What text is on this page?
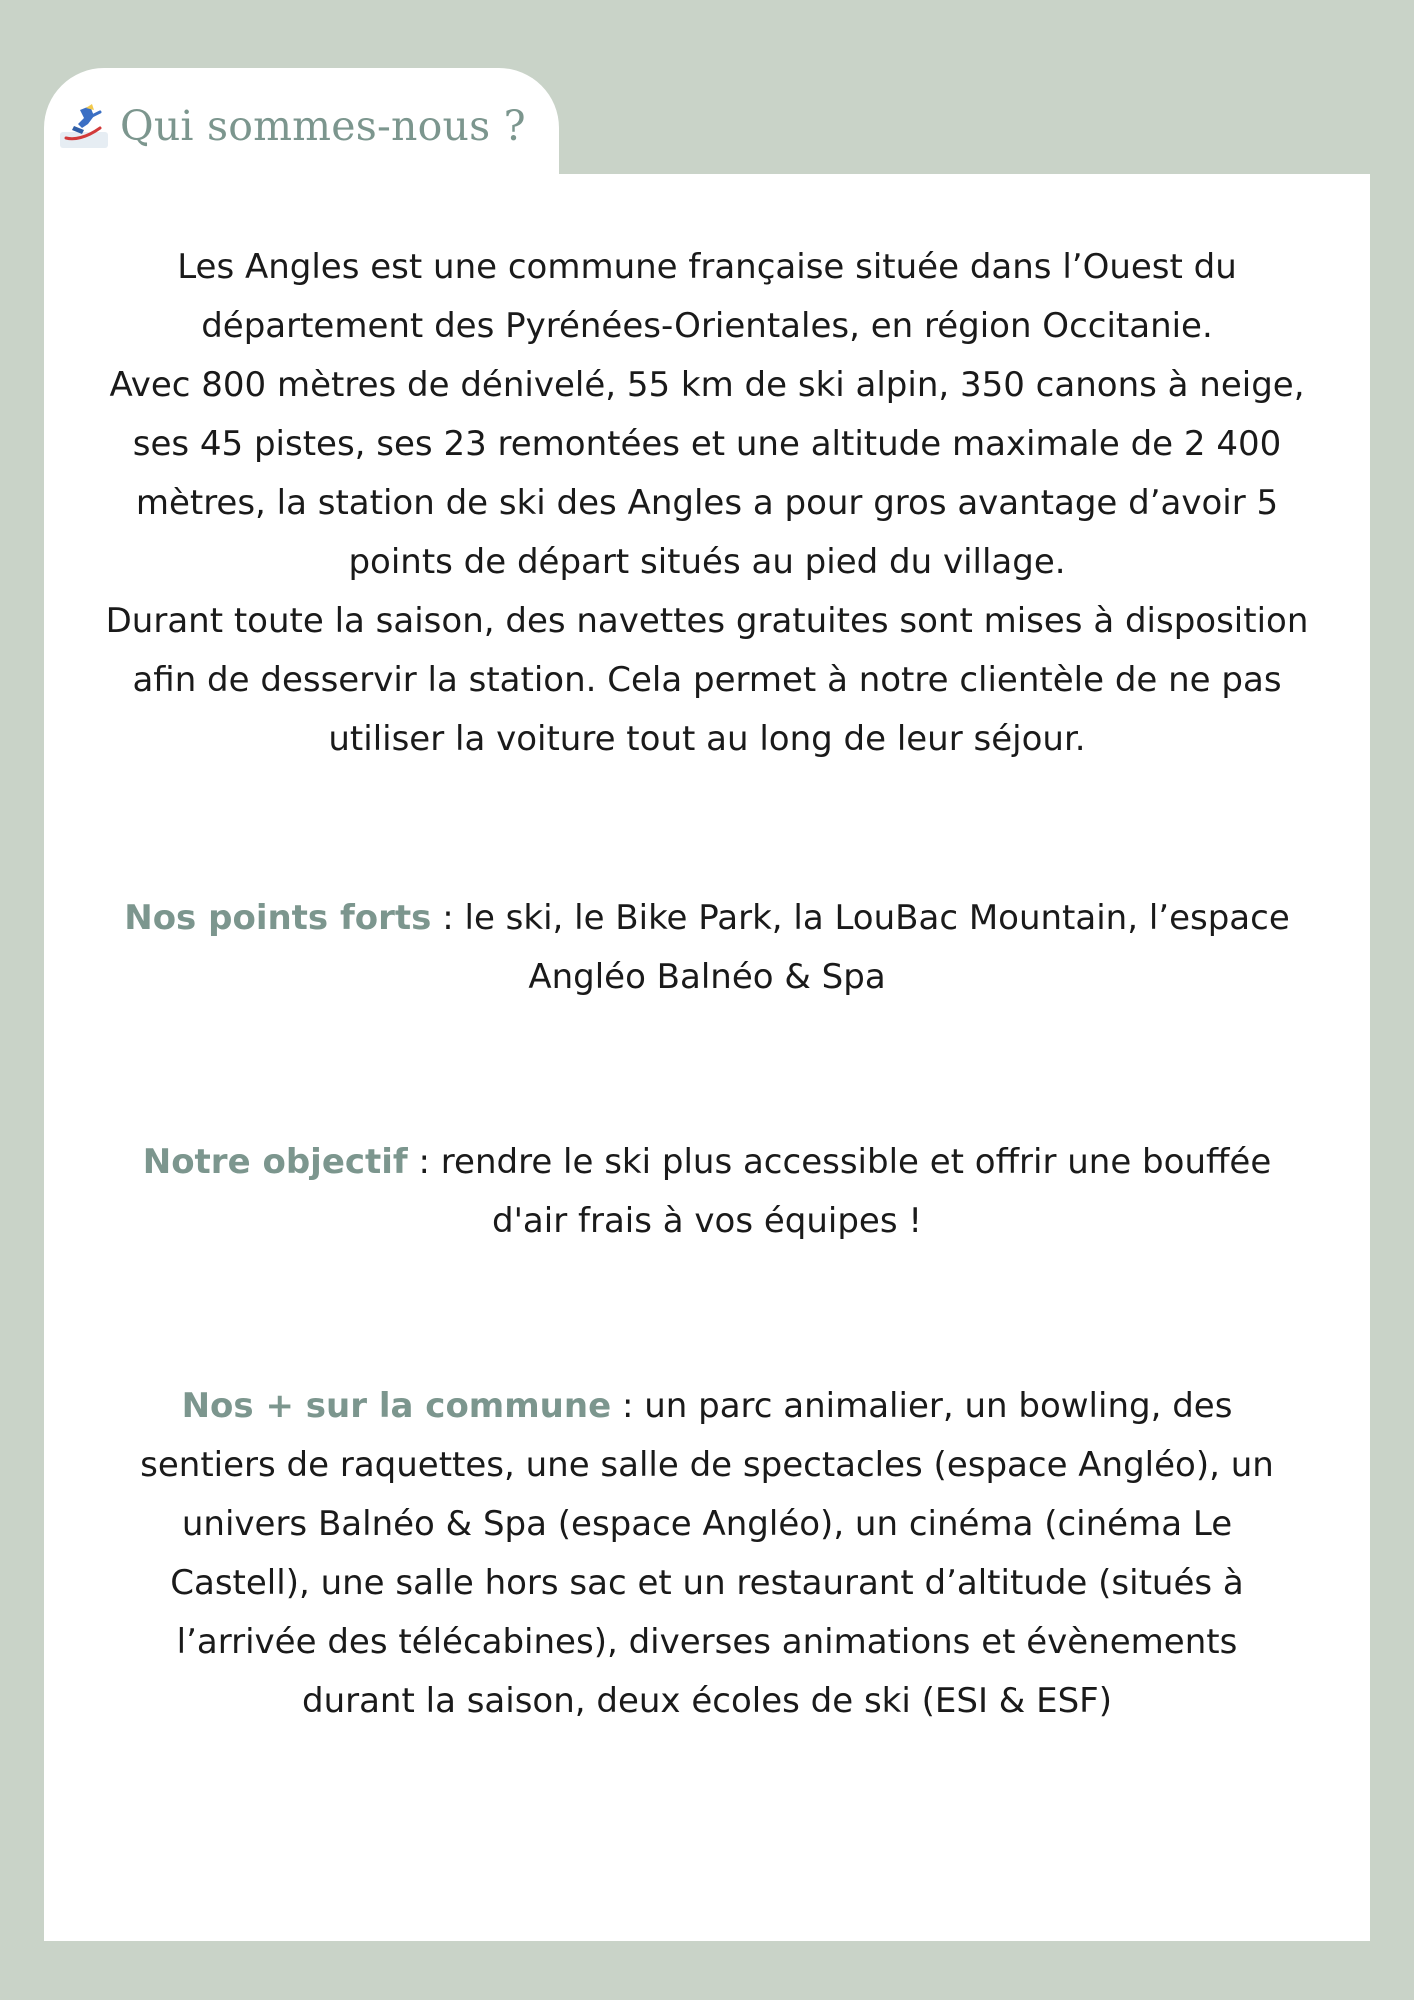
Qui sommes-nous ?

Les Angles est une commune française située dans l’Ouest du département des Pyrénées-Orientales, en région Occitanie.

Avec 800 mètres de dénivelé, 55 km de ski alpin, 350 canons à neige, ses 45 pistes, ses 23 remontées et une altitude maximale de 2 400 mètres, la station de ski des Angles a pour gros avantage d’avoir 5 points de départ situés au pied du village.

Durant toute la saison, des navettes gratuites sont mises à disposition afin de desservir la station. Cela permet à notre clientèle de ne pas utiliser la voiture tout au long de leur séjour.

Nos points forts : le ski, le Bike Park, la LouBac Mountain, l’espace Angléo Balnéo & Spa
Notre objectif : rendre le ski plus accessible et offrir une bouffée d'air frais à vos équipes !
Nos + sur la commune : un parc animalier, un bowling, des sentiers de raquettes, une salle de spectacles (espace Angléo), un univers Balnéo & Spa (espace Angléo), un cinéma (cinéma Le Castell), une salle hors sac et un restaurant d’altitude (situés à l’arrivée des télécabines), diverses animations et évènements durant la saison, deux écoles de ski (ESI & ESF)
